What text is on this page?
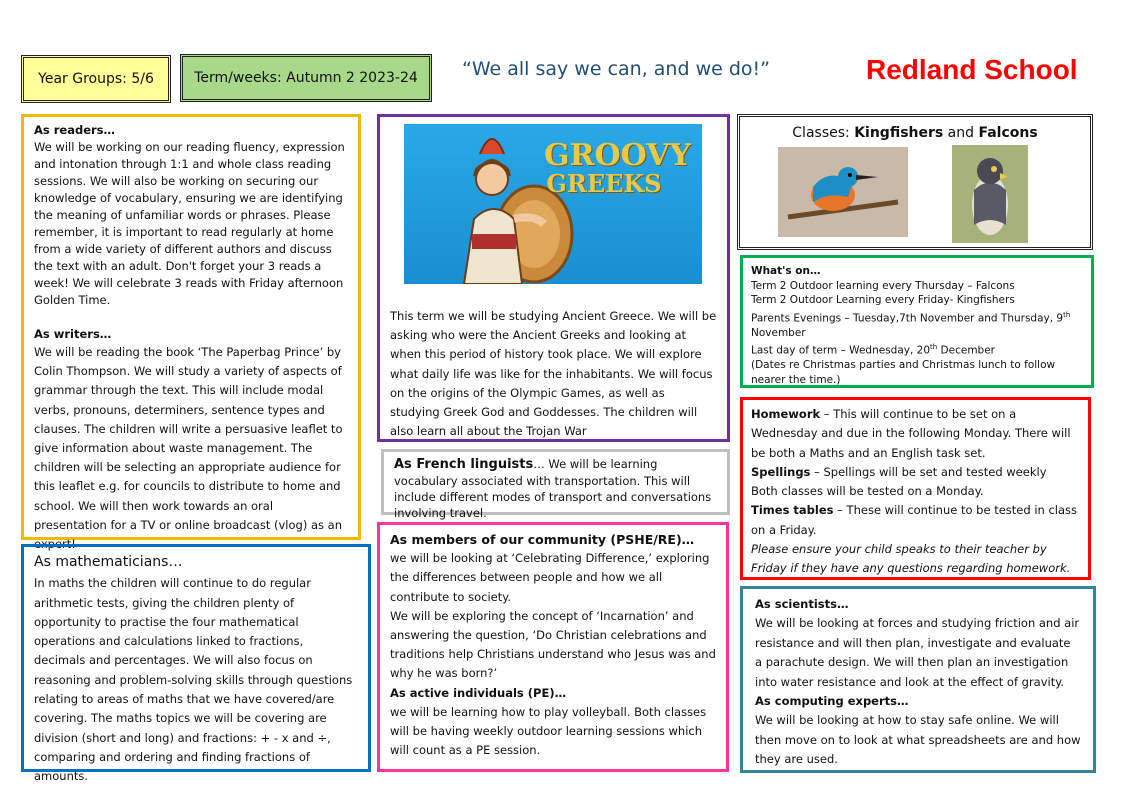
Year Groups: 5/6	Term/weeks: Autumn 2 2023-24 “We all say we can, and we do!”	Redland School

As readers…

We will be working on our reading fluency, expression and intonation through 1:1 and whole class reading sessions. We will also be working on securing our knowledge of vocabulary, ensuring we are identifying the meaning of unfamiliar words or phrases. Please remember, it is important to read regularly at home from a wide variety of different authors and discuss the text with an adult. Don't forget your 3 reads a week! We will celebrate 3 reads with Friday afternoon Golden Time.

As writers…

We will be reading the book ‘The Paperbag Prince’ by Colin Thompson. We will study a variety of aspects of grammar through the text. This will include modal verbs, pronouns, determiners, sentence types and clauses. The children will write a persuasive leaflet to give information about waste management. The children will be selecting an appropriate audience for this leaflet e.g. for councils to distribute to home and school. We will then work towards an oral presentation for a TV or online broadcast (vlog) as an expert!

As mathematicians…

In maths the children will continue to do regular arithmetic tests, giving the children plenty of opportunity to practise the four mathematical operations and calculations linked to fractions, decimals and percentages. We will also focus on reasoning and problem-solving skills through questions relating to areas of maths that we have covered/are covering. The maths topics we will be covering are division (short and long) and fractions: + - x and ÷, comparing and ordering and finding fractions of amounts.

GROOVY
GREEKS

This term we will be studying Ancient Greece. We will be asking who were the Ancient Greeks and looking at when this period of history took place. We will explore what daily life was like for the inhabitants. We will focus on the origins of the Olympic Games, as well as studying Greek God and Goddesses. The children will also learn all about the Trojan War

As French linguists… We will be learning vocabulary associated with transportation. This will include different modes of transport and conversations involving travel.

As members of our community (PSHE/RE)…

we will be looking at ‘Celebrating Difference,’ exploring the differences between people and how we all contribute to society.

We will be exploring the concept of ‘Incarnation’ and answering the question, ‘Do Christian celebrations and traditions help Christians understand who Jesus was and why he was born?’

As active individuals (PE)…

we will be learning how to play volleyball. Both classes will be having weekly outdoor learning sessions which will count as a PE session.

Classes: Kingfishers and Falcons

What's on…

Term 2 Outdoor learning every Thursday – Falcons

Term 2 Outdoor Learning every Friday- Kingfishers

Parents Evenings – Tuesday,7th November and Thursday, 9th
November

Last day of term – Wednesday, 20th December

(Dates re Christmas parties and Christmas lunch to follow nearer the time.)

Homework – This will continue to be set on a Wednesday and due in the following Monday. There will be both a Maths and an English task set.

Spellings – Spellings will be set and tested weekly

Both classes will be tested on a Monday.

Times tables – These will continue to be tested in class on a Friday.

Please ensure your child speaks to their teacher by Friday if they have any questions regarding homework.

As scientists…

We will be looking at forces and studying friction and air resistance and will then plan, investigate and evaluate a parachute design. We will then plan an investigation into water resistance and look at the effect of gravity.

As computing experts…

We will be looking at how to stay safe online. We will then move on to look at what spreadsheets are and how they are used.
